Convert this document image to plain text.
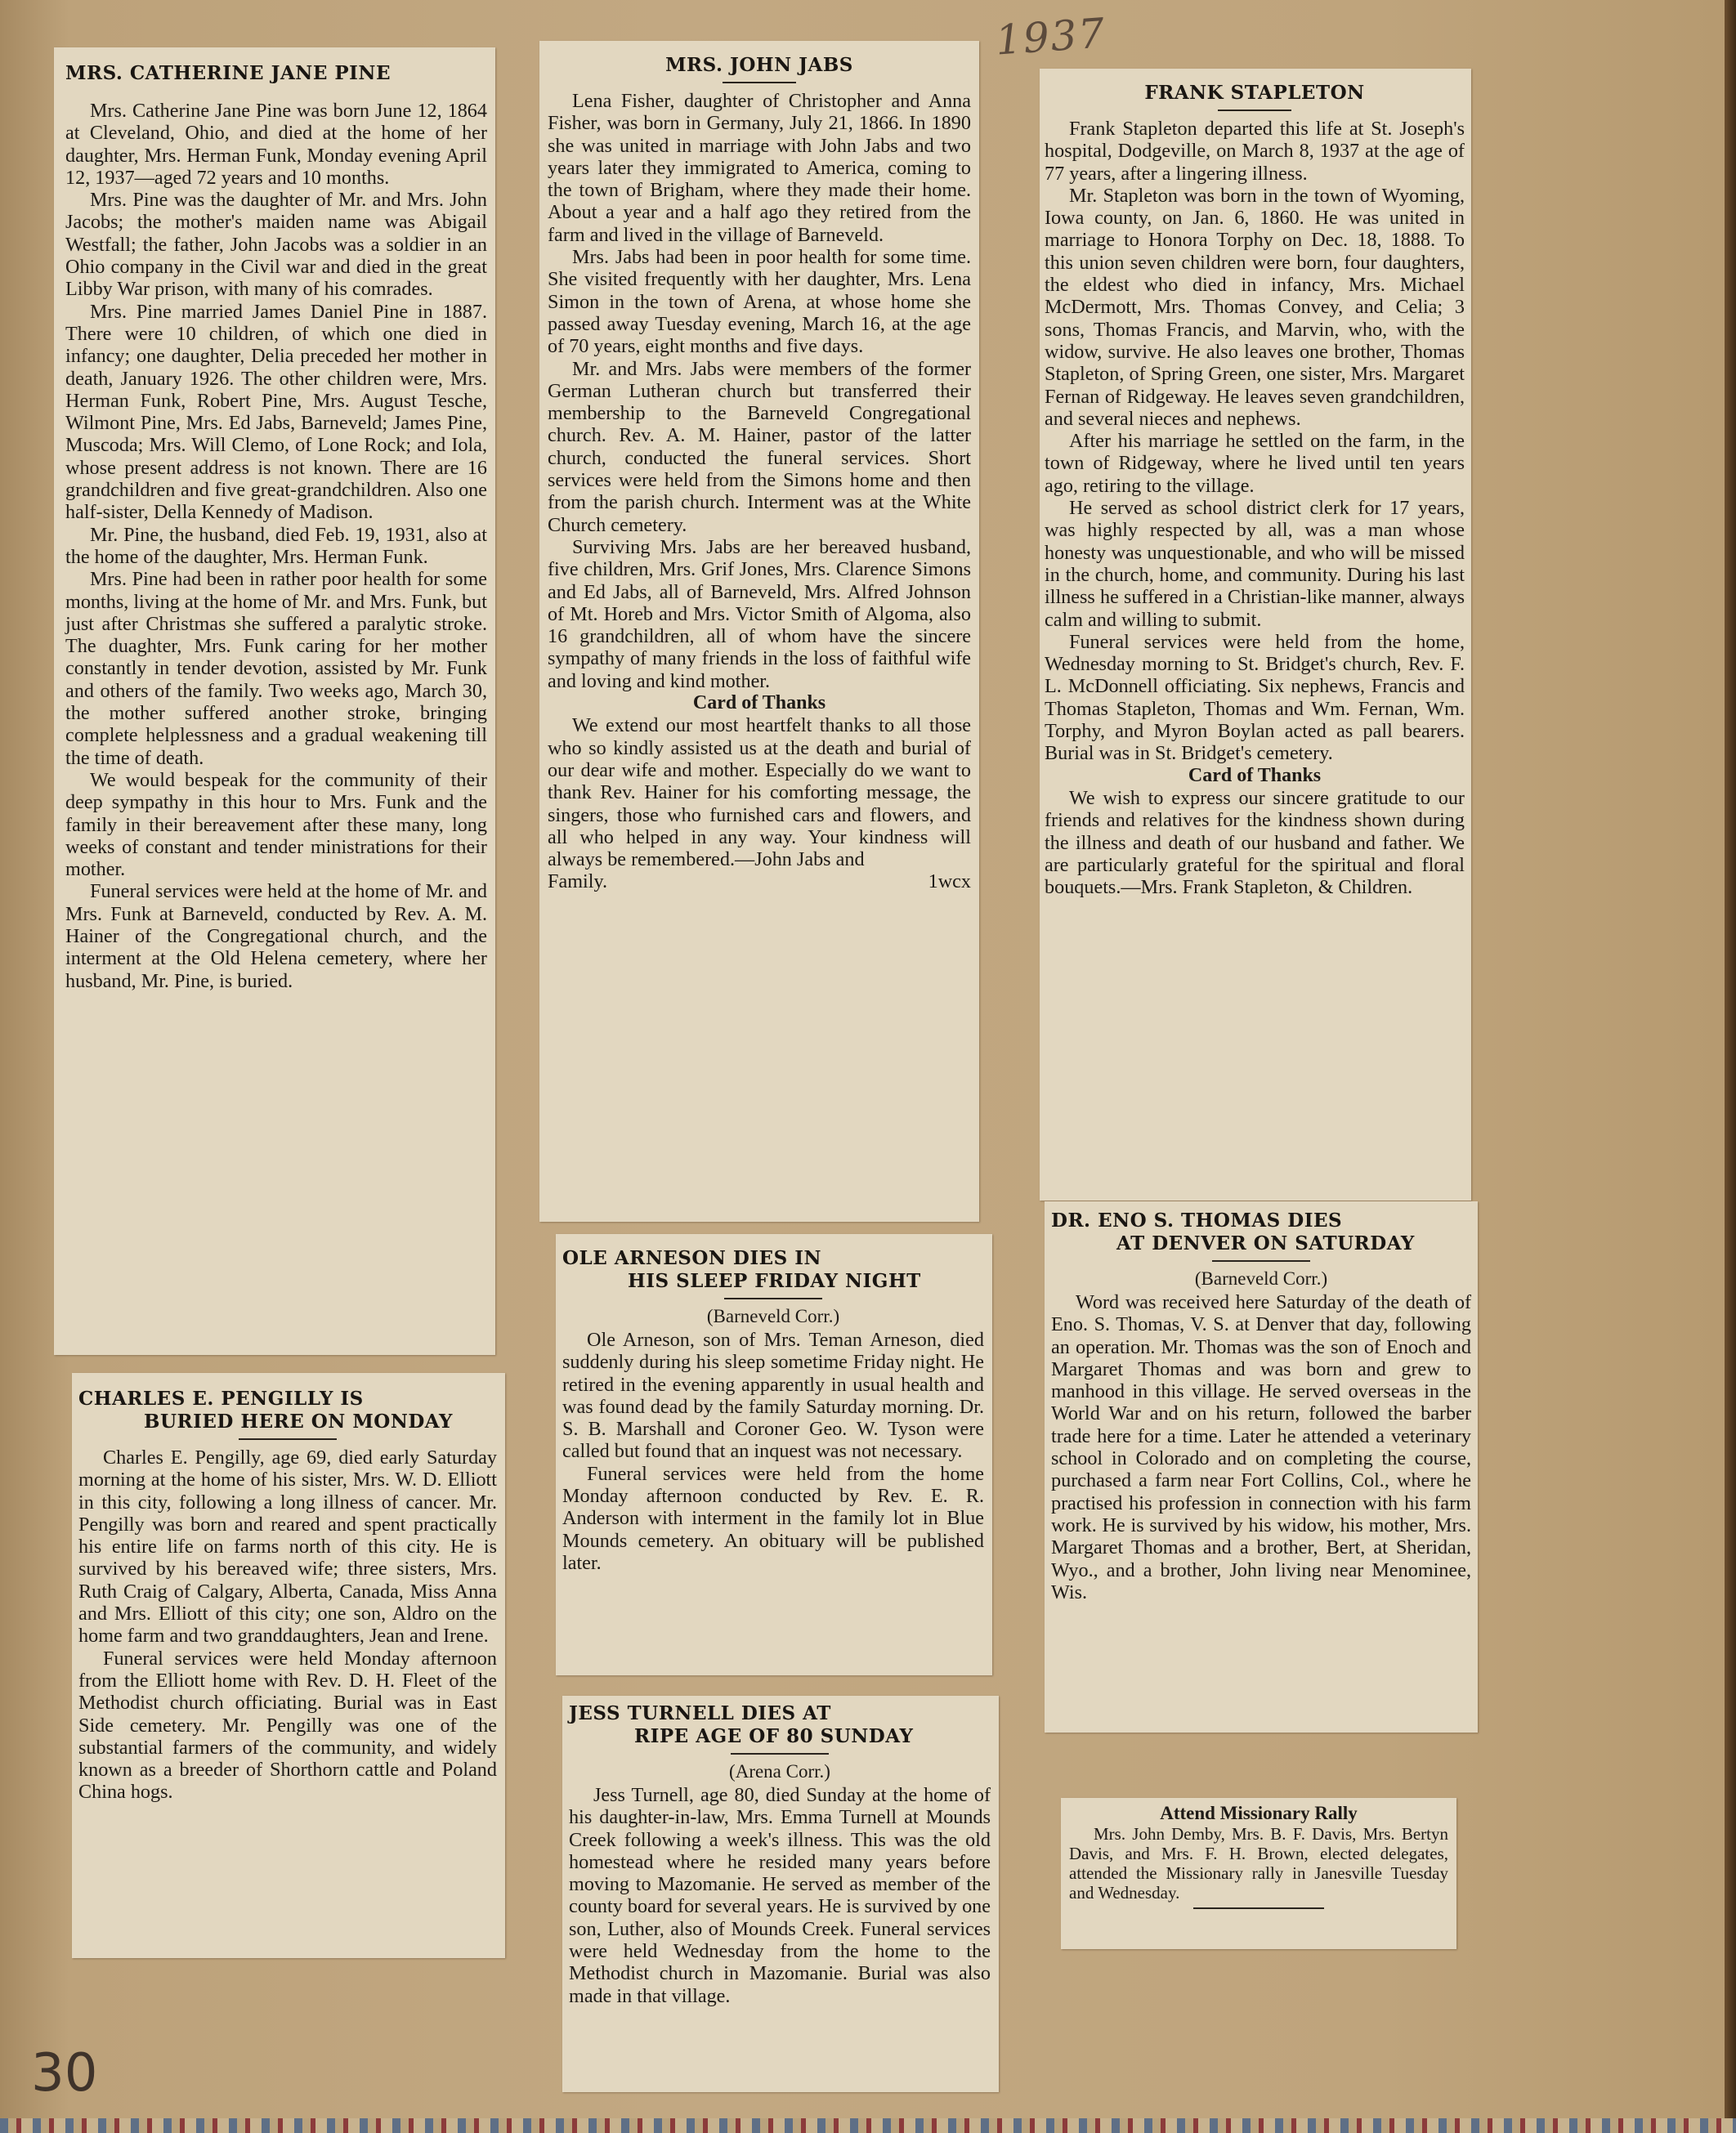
1937
MRS. CATHERINE JANE PINE

Mrs. Catherine Jane Pine was born June 12, 1864 at Cleveland, Ohio, and died at the home of her daughter, Mrs. Herman Funk, Monday evening April 12, 1937—aged 72 years and 10 months.

Mrs. Pine was the daughter of Mr. and Mrs. John Jacobs; the mother's maiden name was Abigail Westfall; the father, John Jacobs was a soldier in an Ohio company in the Civil war and died in the great Libby War prison, with many of his comrades.

Mrs. Pine married James Daniel Pine in 1887. There were 10 children, of which one died in infancy; one daughter, Delia preceded her mother in death, January 1926. The other children were, Mrs. Herman Funk, Robert Pine, Mrs. August Tesche, Wilmont Pine, Mrs. Ed Jabs, Barneveld; James Pine, Muscoda; Mrs. Will Clemo, of Lone Rock; and Iola, whose present address is not known. There are 16 grandchildren and five great-grandchildren. Also one half-sister, Della Kennedy of Madison.

Mr. Pine, the husband, died Feb. 19, 1931, also at the home of the daughter, Mrs. Herman Funk.

Mrs. Pine had been in rather poor health for some months, living at the home of Mr. and Mrs. Funk, but just after Christmas she suffered a paralytic stroke. The duaghter, Mrs. Funk caring for her mother constantly in tender devotion, assisted by Mr. Funk and others of the family. Two weeks ago, March 30, the mother suffered another stroke, bringing complete helplessness and a gradual weakening till the time of death.

We would bespeak for the community of their deep sympathy in this hour to Mrs. Funk and the family in their bereavement after these many, long weeks of constant and tender ministrations for their mother.

Funeral services were held at the home of Mr. and Mrs. Funk at Barneveld, conducted by Rev. A. M. Hainer of the Congregational church, and the interment at the Old Helena cemetery, where her husband, Mr. Pine, is buried.

CHARLES E. PENGILLY IS
BURIED HERE ON MONDAY

Charles E. Pengilly, age 69, died early Saturday morning at the home of his sister, Mrs. W. D. Elliott in this city, following a long illness of cancer. Mr. Pengilly was born and reared and spent practically his entire life on farms north of this city. He is survived by his bereaved wife; three sisters, Mrs. Ruth Craig of Calgary, Alberta, Canada, Miss Anna and Mrs. Elliott of this city; one son, Aldro on the home farm and two granddaughters, Jean and Irene.

Funeral services were held Monday afternoon from the Elliott home with Rev. D. H. Fleet of the Methodist church officiating. Burial was in East Side cemetery. Mr. Pengilly was one of the substantial farmers of the community, and widely known as a breeder of Shorthorn cattle and Poland China hogs.

MRS. JOHN JABS

Lena Fisher, daughter of Christopher and Anna Fisher, was born in Germany, July 21, 1866. In 1890 she was united in marriage with John Jabs and two years later they immigrated to America, coming to the town of Brigham, where they made their home. About a year and a half ago they retired from the farm and lived in the village of Barneveld.

Mrs. Jabs had been in poor health for some time. She visited frequently with her daughter, Mrs. Lena Simon in the town of Arena, at whose home she passed away Tuesday evening, March 16, at the age of 70 years, eight months and five days.

Mr. and Mrs. Jabs were members of the former German Lutheran church but transferred their membership to the Barneveld Congregational church. Rev. A. M. Hainer, pastor of the latter church, conducted the funeral services. Short services were held from the Simons home and then from the parish church. Interment was at the White Church cemetery.

Surviving Mrs. Jabs are her bereaved husband, five children, Mrs. Grif Jones, Mrs. Clarence Simons and Ed Jabs, all of Barneveld, Mrs. Alfred Johnson of Mt. Horeb and Mrs. Victor Smith of Algoma, also 16 grandchildren, all of whom have the sincere sympathy of many friends in the loss of faithful wife and loving and kind mother.

Card of Thanks

We extend our most heartfelt thanks to all those who so kindly assisted us at the death and burial of our dear wife and mother. Especially do we want to thank Rev. Hainer for his comforting message, the singers, those who furnished cars and flowers, and all who helped in any way. Your kindness will always be remembered.—John Jabs and

Family.	1wcx
OLE ARNESON DIES IN
HIS SLEEP FRIDAY NIGHT
(Barneveld Corr.)

Ole Arneson, son of Mrs. Teman Arneson, died suddenly during his sleep sometime Friday night. He retired in the evening apparently in usual health and was found dead by the family Saturday morning. Dr. S. B. Marshall and Coroner Geo. W. Tyson were called but found that an inquest was not necessary.

Funeral services were held from the home Monday afternoon conducted by Rev. E. R. Anderson with interment in the family lot in Blue Mounds cemetery. An obituary will be published later.

JESS TURNELL DIES AT
RIPE AGE OF 80 SUNDAY
(Arena Corr.)

Jess Turnell, age 80, died Sunday at the home of his daughter-in-law, Mrs. Emma Turnell at Mounds Creek following a week's illness. This was the old homestead where he resided many years before moving to Mazomanie. He served as member of the county board for several years. He is survived by one son, Luther, also of Mounds Creek. Funeral services were held Wednesday from the home to the Methodist church in Mazomanie. Burial was also made in that village.

FRANK STAPLETON

Frank Stapleton departed this life at St. Joseph's hospital, Dodgeville, on March 8, 1937 at the age of 77 years, after a lingering illness.

Mr. Stapleton was born in the town of Wyoming, Iowa county, on Jan. 6, 1860. He was united in marriage to Honora Torphy on Dec. 18, 1888. To this union seven children were born, four daughters, the eldest who died in infancy, Mrs. Michael McDermott, Mrs. Thomas Convey, and Celia; 3 sons, Thomas Francis, and Marvin, who, with the widow, survive. He also leaves one brother, Thomas Stapleton, of Spring Green, one sister, Mrs. Margaret Fernan of Ridgeway. He leaves seven grandchildren, and several nieces and nephews.

After his marriage he settled on the farm, in the town of Ridgeway, where he lived until ten years ago, retiring to the village.

He served as school district clerk for 17 years, was highly respected by all, was a man whose honesty was unquestionable, and who will be missed in the church, home, and community. During his last illness he suffered in a Christian-like manner, always calm and willing to submit.

Funeral services were held from the home, Wednesday morning to St. Bridget's church, Rev. F. L. McDonnell officiating. Six nephews, Francis and Thomas Stapleton, Thomas and Wm. Fernan, Wm. Torphy, and Myron Boylan acted as pall bearers. Burial was in St. Bridget's cemetery.

Card of Thanks

We wish to express our sincere gratitude to our friends and relatives for the kindness shown during the illness and death of our husband and father. We are particularly grateful for the spiritual and floral bouquets.—Mrs. Frank Stapleton, & Children.

DR. ENO S. THOMAS DIES
AT DENVER ON SATURDAY
(Barneveld Corr.)

Word was received here Saturday of the death of Eno. S. Thomas, V. S. at Denver that day, following an operation. Mr. Thomas was the son of Enoch and Margaret Thomas and was born and grew to manhood in this village. He served overseas in the World War and on his return, followed the barber trade here for a time. Later he attended a veterinary school in Colorado and on completing the course, purchased a farm near Fort Collins, Col., where he practised his profession in connection with his farm work. He is survived by his widow, his mother, Mrs. Margaret Thomas and a brother, Bert, at Sheridan, Wyo., and a brother, John living near Menominee, Wis.

Attend Missionary Rally

Mrs. John Demby, Mrs. B. F. Davis, Mrs. Bertyn Davis, and Mrs. F. H. Brown, elected delegates, attended the Missionary rally in Janesville Tuesday and Wednesday.

30
